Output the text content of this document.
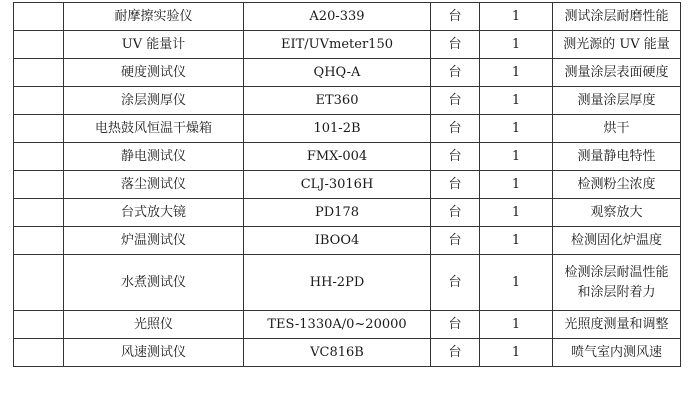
	耐摩擦实验仪	A20-339	台	1	测试涂层耐磨性能

	UV 能量计	EIT/UVmeter150	台	1	测光源的 UV 能量

	硬度测试仪	QHQ-A	台	1	测量涂层表面硬度

	涂层测厚仪	ET360	台	1	测量涂层厚度

	电热鼓风恒温干燥箱	101-2B	台	1	烘干

	静电测试仪	FMX-004	台	1	测量静电特性

	落尘测试仪	CLJ-3016H	台	1	检测粉尘浓度

	台式放大镜	PD178	台	1	观察放大

	炉温测试仪	IBOO4	台	1	检测固化炉温度

	水煮测试仪	HH-2PD	台	1	检测涂层耐温性能
和涂层附着力

	光照仪	TES-1330A/0~20000	台	1	光照度测量和调整

	风速测试仪	VC816B	台	1	喷气室内测风速
